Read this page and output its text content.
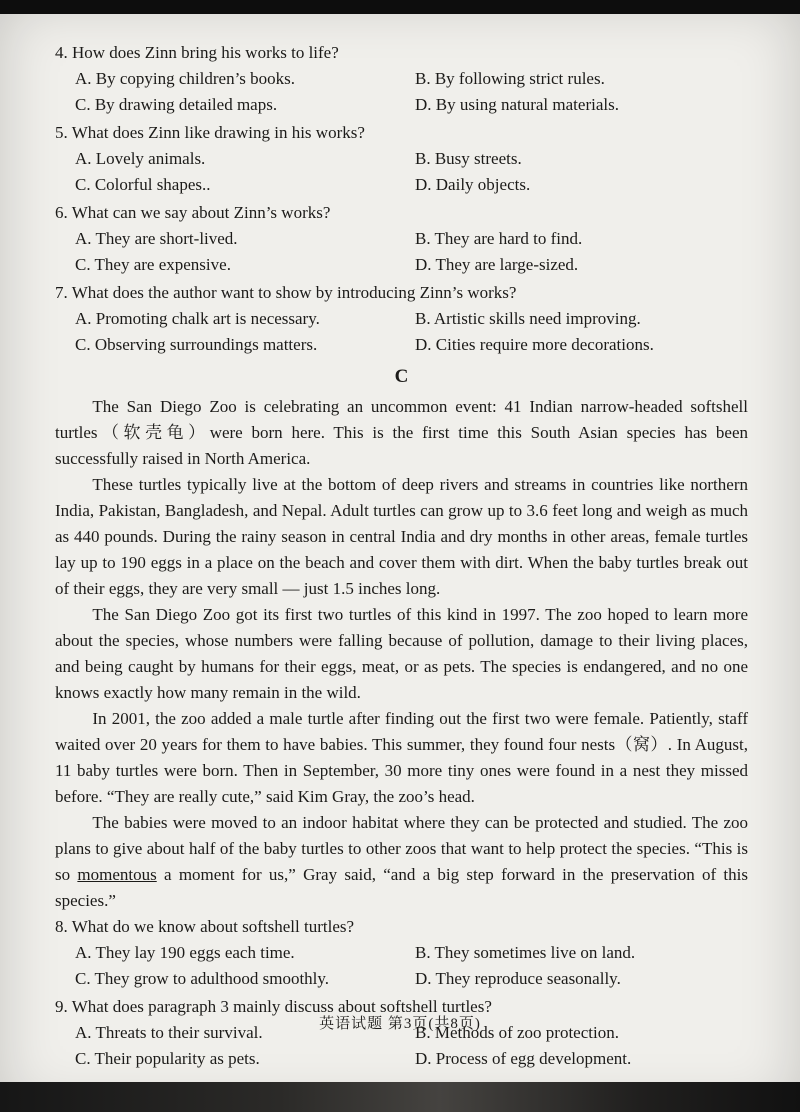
4. How does Zinn bring his works to life?
A. By copying children’s books.	B. By following strict rules.
C. By drawing detailed maps.	D. By using natural materials.
5. What does Zinn like drawing in his works?
A. Lovely animals.	B. Busy streets.
C. Colorful shapes..	D. Daily objects.
6. What can we say about Zinn’s works?
A. They are short-lived.	B. They are hard to find.
C. They are expensive.	D. They are large-sized.
7. What does the author want to show by introducing Zinn’s works?
A. Promoting chalk art is necessary.	B. Artistic skills need improving.
C. Observing surroundings matters.	D. Cities require more decorations.
C

The San Diego Zoo is celebrating an uncommon event: 41 Indian narrow-headed softshell turtles（软壳龟）were born here. This is the first time this South Asian species has been successfully raised in North America.

These turtles typically live at the bottom of deep rivers and streams in countries like northern India, Pakistan, Bangladesh, and Nepal. Adult turtles can grow up to 3.6 feet long and weigh as much as 440 pounds. During the rainy season in central India and dry months in other areas, female turtles lay up to 190 eggs in a place on the beach and cover them with dirt. When the baby turtles break out of their eggs, they are very small — just 1.5 inches long.

The San Diego Zoo got its first two turtles of this kind in 1997. The zoo hoped to learn more about the species, whose numbers were falling because of pollution, damage to their living places, and being caught by humans for their eggs, meat, or as pets. The species is endangered, and no one knows exactly how many remain in the wild.

In 2001, the zoo added a male turtle after finding out the first two were female. Patiently, staff waited over 20 years for them to have babies. This summer, they found four nests（窝）. In August, 11 baby turtles were born. Then in September, 30 more tiny ones were found in a nest they missed before. “They are really cute,” said Kim Gray, the zoo’s head.

The babies were moved to an indoor habitat where they can be protected and studied. The zoo plans to give about half of the baby turtles to other zoos that want to help protect the species. “This is so momentous a moment for us,” Gray said, “and a big step forward in the preservation of this species.”

8. What do we know about softshell turtles?
A. They lay 190 eggs each time.	B. They sometimes live on land.
C. They grow to adulthood smoothly.	D. They reproduce seasonally.
9. What does paragraph 3 mainly discuss about softshell turtles?
A. Threats to their survival.	B. Methods of zoo protection.
C. Their popularity as pets.	D. Process of egg development.
英语试题 第3页(共8页)
